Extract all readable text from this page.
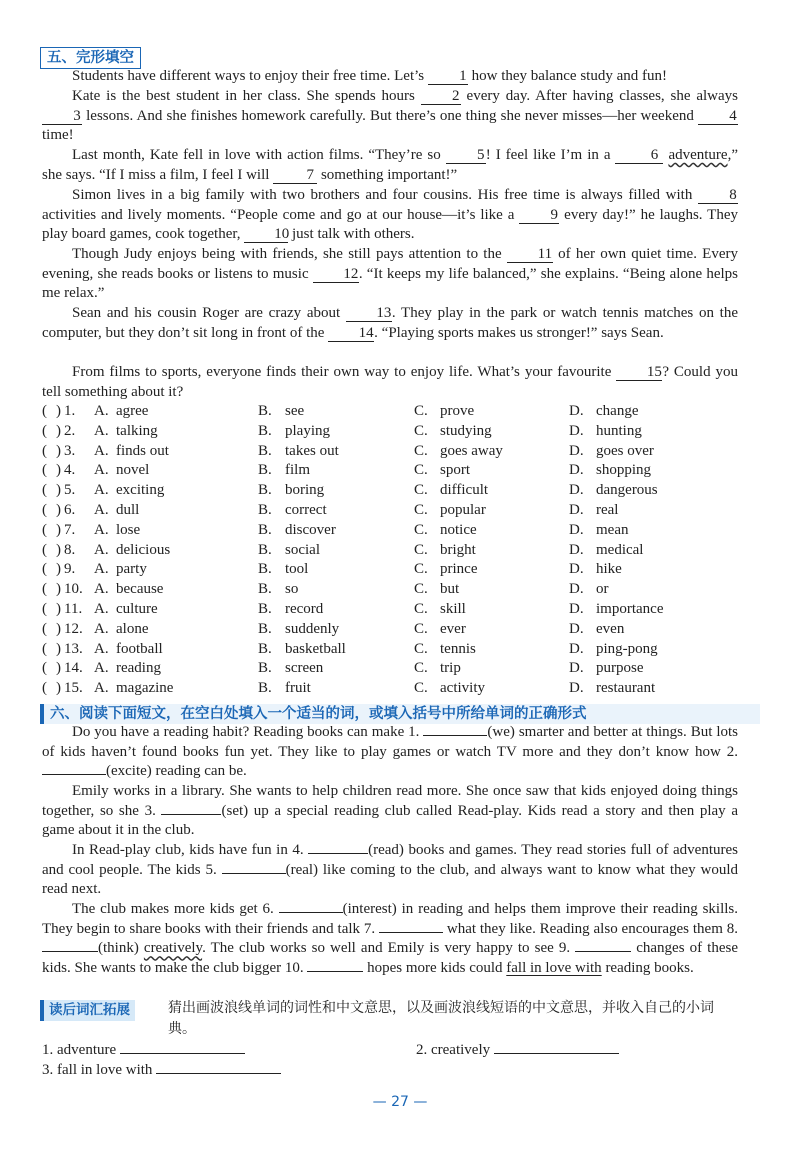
五、完形填空
Students have different ways to enjoy their free time. Let’s 1 how they balance study and fun!
Kate is the best student in her class. She spends hours 2 every day. After having classes, she always 3 lessons. And she finishes homework carefully. But there’s one thing she never misses—her weekend 4 time!
Last month, Kate fell in love with action films. “They’re so 5! I feel like I’m in a 6 adventure,” she says. “If I miss a film, I feel I will 7 something important!”
Simon lives in a big family with two brothers and four cousins. His free time is always filled with 8 activities and lively moments. “People come and go at our house—it’s like a 9 every day!” he laughs. They play board games, cook together, 10 just talk with others.
Though Judy enjoys being with friends, she still pays attention to the 11 of her own quiet time. Every evening, she reads books or listens to music 12. “It keeps my life balanced,” she explains. “Being alone helps me relax.”
Sean and his cousin Roger are crazy about 13. They play in the park or watch tennis matches on the computer, but they don’t sit long in front of the 14. “Playing sports makes us stronger!” says Sean.
From films to sports, everyone finds their own way to enjoy life. What’s your favourite 15? Could you tell something about it?
( ) 1. A. agree	B. see	C. prove	D. change
( ) 2. A. talking	B. playing	C. studying	D. hunting
( ) 3. A. finds out	B. takes out	C. goes away	D. goes over
( ) 4. A. novel	B. film	C. sport	D. shopping
( ) 5. A. exciting	B. boring	C. difficult	D. dangerous
( ) 6. A. dull	B. correct	C. popular	D. real
( ) 7. A. lose	B. discover	C. notice	D. mean
( ) 8. A. delicious	B. social	C. bright	D. medical
( ) 9. A. party	B. tool	C. prince	D. hike
( ) 10. A. because	B. so	C. but	D. or
( ) 11. A. culture	B. record	C. skill	D. importance
( ) 12. A. alone	B. suddenly	C. ever	D. even
( ) 13. A. football	B. basketball	C. tennis	D. ping-pong
( ) 14. A. reading	B. screen	C. trip	D. purpose
( ) 15. A. magazine	B. fruit	C. activity	D. restaurant
六、阅读下面短文，在空白处填入一个适当的词，或填入括号中所给单词的正确形式
Do you have a reading habit? Reading books can make 1.	(we) smarter and better at things. But lots of kids haven’t found books fun yet. They like to play games or watch TV more and they don’t know how 2. (excite) reading can be.
Emily works in a library. She wants to help children read more. She once saw that kids enjoyed doing things together, so she 3.	(set) up a special reading club called Read-play. Kids read a story and then play a game about it in the club.
In Read-play club, kids have fun in 4.	(read) books and games. They read stories full of adventures and cool people. The kids 5.	(real) like coming to the club, and always want to know what they would read next.
The club makes more kids get 6.	(interest) in reading and helps them improve their reading skills. They begin to share books with their friends and talk 7.	what they like. Reading also encourages them 8. (think) creatively. The club works so well and Emily is very happy to see 9.	changes of these kids. She wants to make the club bigger 10.	hopes more kids could fall in love with reading books.
读后词汇拓展	猜出画波浪线单词的词性和中文意思，以及画波浪线短语的中文意思，并收入自己的小词典。
1. adventure	2. creatively
3. fall in love with
— 27 —
